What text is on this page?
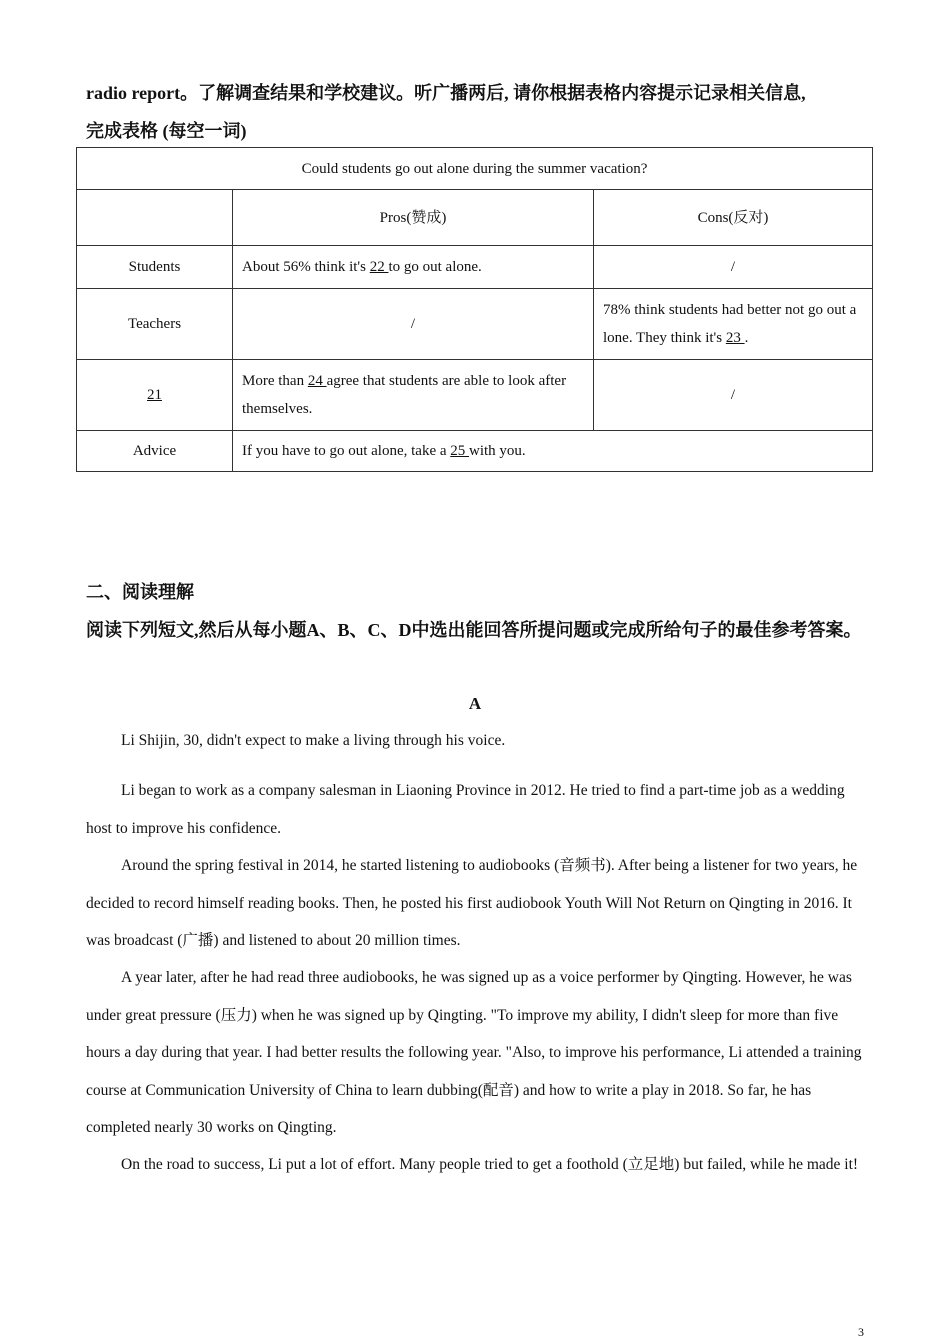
radio report。了解调查结果和学校建议。听广播两后, 请你根据表格内容提示记录相关信息,
完成表格 (每空一词)
Could students go out alone during the summer vacation?		
	Pros(赞成)	Cons(反对)
Students	About 56% think it's 22 to go out alone.	/
Teachers	/	78% think students had better not go out a lone. They think it's 23 .
21	More than 24 agree that students are able to look after themselves.	/
Advice	If you have to go out alone, take a 25 with you.	
二、阅读理解
阅读下列短文,然后从每小题A、B、C、D中选出能回答所提问题或完成所给句子的最佳参考答案。
A
Li Shijin, 30, didn't expect to make a living through his voice.
Li began to work as a company salesman in Liaoning Province in 2012. He tried to find a part-time job as a wedding host to improve his confidence.
Around the spring festival in 2014, he started listening to audiobooks (音频书). After being a listener for two years, he decided to record himself reading books. Then, he posted his first audiobook Youth Will Not Return on Qingting in 2016. It was broadcast (广播) and listened to about 20 million times.
A year later, after he had read three audiobooks, he was signed up as a voice performer by Qingting. However, he was under great pressure (压力) when he was signed up by Qingting. "To improve my ability, I didn't sleep for more than five hours a day during that year. I had better results the following year. "Also, to improve his performance, Li attended a training course at Communication University of China to learn dubbing(配音) and how to write a play in 2018. So far, he has completed nearly 30 works on Qingting.
On the road to success, Li put a lot of effort. Many people tried to get a foothold (立足地) but failed, while he made it!
3
